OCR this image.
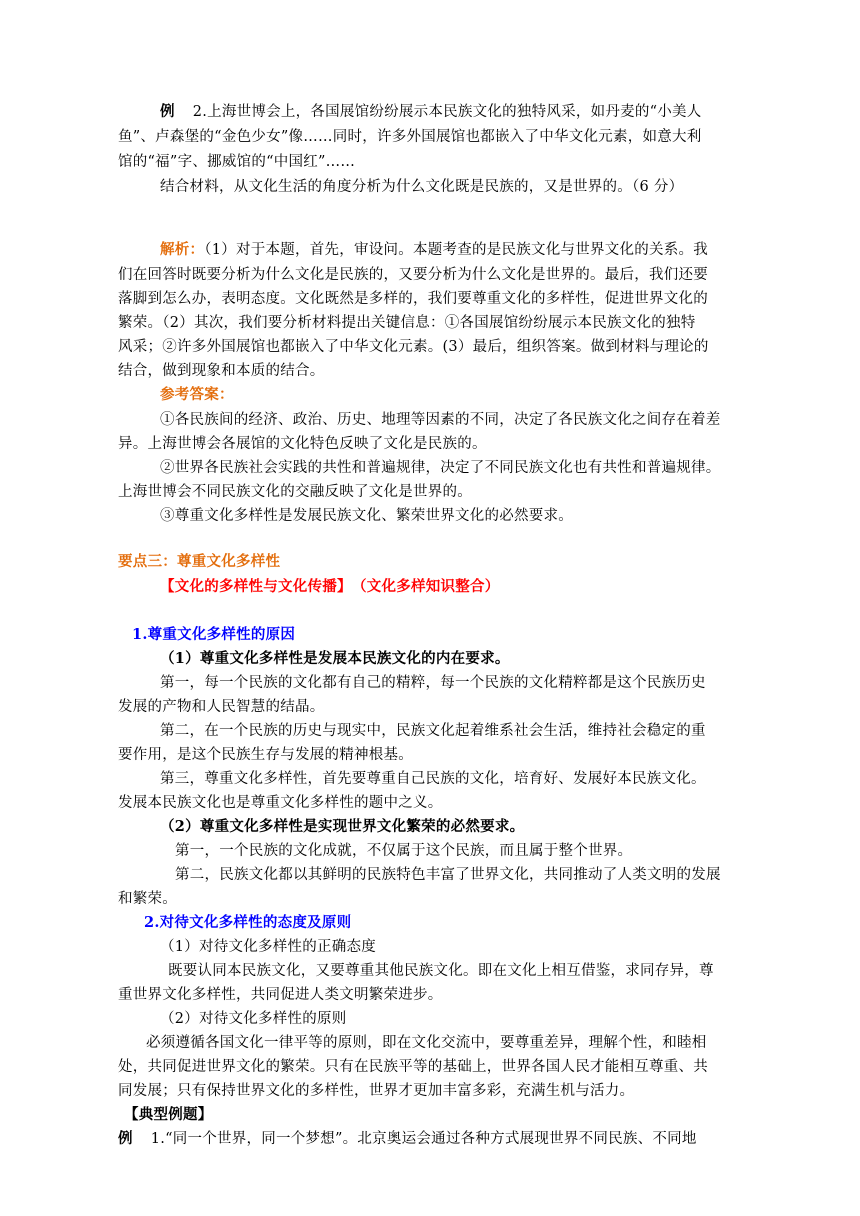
例 2.上海世博会上，各国展馆纷纷展示本民族文化的独特风采，如丹麦的“小美人
鱼”、卢森堡的“金色少女”像……同时，许多外国展馆也都嵌入了中华文化元素，如意大利
馆的“福”字、挪威馆的“中国红”……
结合材料，从文化生活的角度分析为什么文化既是民族的，又是世界的。（6 分）
解析：（1）对于本题，首先，审设问。本题考查的是民族文化与世界文化的关系。我
们在回答时既要分析为什么文化是民族的，又要分析为什么文化是世界的。最后，我们还要
落脚到怎么办，表明态度。文化既然是多样的，我们要尊重文化的多样性，促进世界文化的
繁荣。（2）其次，我们要分析材料提出关键信息：①各国展馆纷纷展示本民族文化的独特
风采；②许多外国展馆也都嵌入了中华文化元素。(3）最后，组织答案。做到材料与理论的
结合，做到现象和本质的结合。
参考答案：
①各民族间的经济、政治、历史、地理等因素的不同，决定了各民族文化之间存在着差
异。上海世博会各展馆的文化特色反映了文化是民族的。
②世界各民族社会实践的共性和普遍规律，决定了不同民族文化也有共性和普遍规律。
上海世博会不同民族文化的交融反映了文化是世界的。
③尊重文化多样性是发展民族文化、繁荣世界文化的必然要求。
要点三：尊重文化多样性
【文化的多样性与文化传播】　（文化多样知识整合）
1.尊重文化多样性的原因
（1）尊重文化多样性是发展本民族文化的内在要求。
第一，每一个民族的文化都有自己的精粹，每一个民族的文化精粹都是这个民族历史
发展的产物和人民智慧的结晶。
第二，在一个民族的历史与现实中，民族文化起着维系社会生活，维持社会稳定的重
要作用，是这个民族生存与发展的精神根基。
第三，尊重文化多样性，首先要尊重自己民族的文化，培育好、发展好本民族文化。
发展本民族文化也是尊重文化多样性的题中之义。
（2）尊重文化多样性是实现世界文化繁荣的必然要求。
第一，一个民族的文化成就，不仅属于这个民族，而且属于整个世界。
第二，民族文化都以其鲜明的民族特色丰富了世界文化，共同推动了人类文明的发展
和繁荣。
2.对待文化多样性的态度及原则
（1）对待文化多样性的正确态度
既要认同本民族文化，又要尊重其他民族文化。即在文化上相互借鉴，求同存异，尊
重世界文化多样性，共同促进人类文明繁荣进步。
（2）对待文化多样性的原则
必须遵循各国文化一律平等的原则，即在文化交流中，要尊重差异，理解个性，和睦相
处，共同促进世界文化的繁荣。只有在民族平等的基础上，世界各国人民才能相互尊重、共
同发展；只有保持世界文化的多样性，世界才更加丰富多彩，充满生机与活力。
【典型例题】
例 1.“同一个世界，同一个梦想”。北京奥运会通过各种方式展现世界不同民族、不同地
